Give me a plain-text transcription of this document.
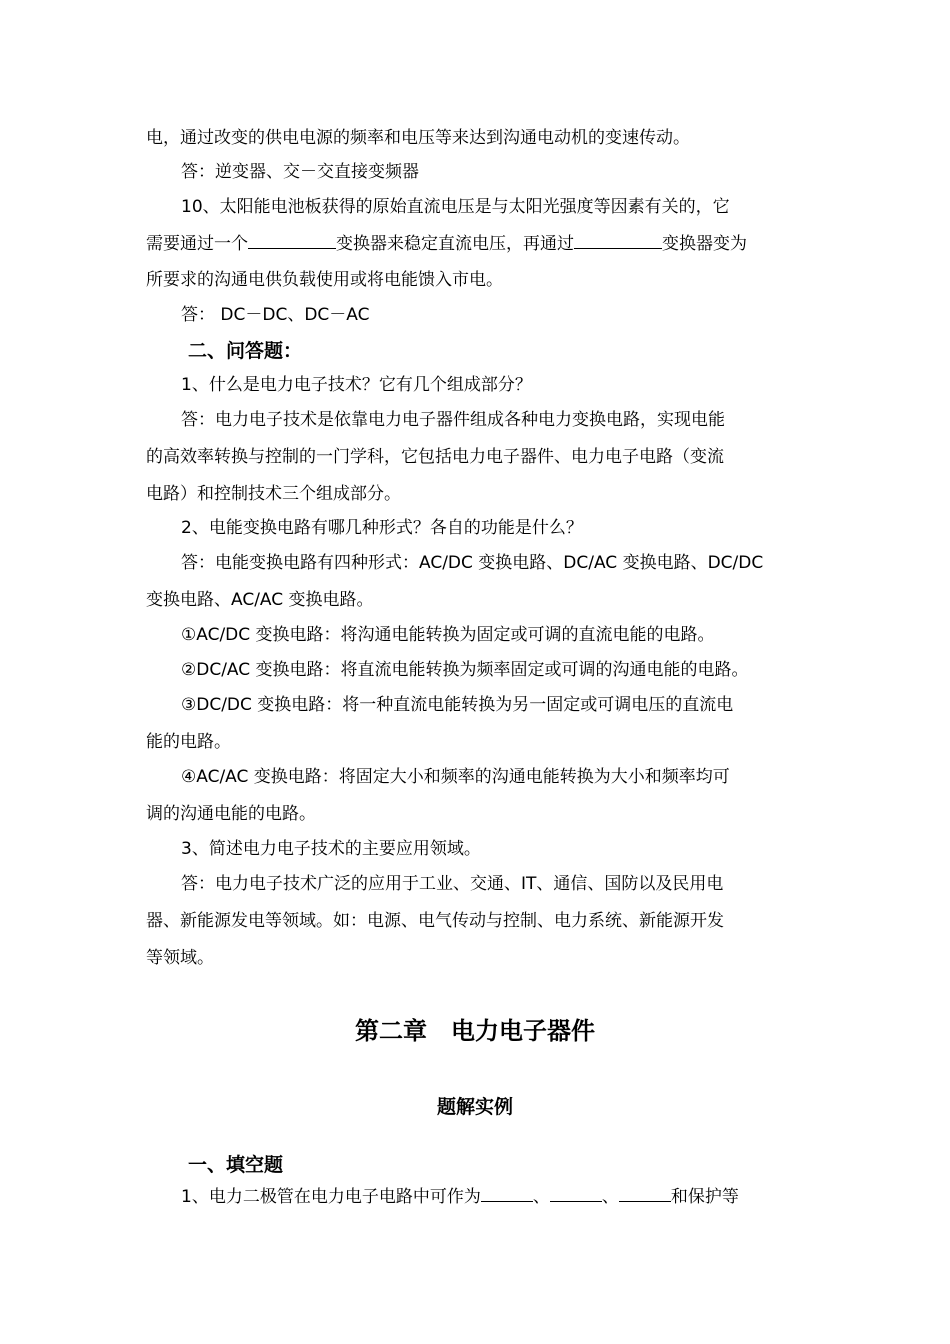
电，通过改变的供电电源的频率和电压等来达到沟通电动机的变速传动。

答：逆变器、交－交直接变频器

10、太阳能电池板获得的原始直流电压是与太阳光强度等因素有关的，它

需要通过一个	变换器来稳定直流电压，再通过	变换器变为

所要求的沟通电供负载使用或将电能馈入市电。

答： DC－DC、DC－AC

二、问答题：

1、什么是电力电子技术？它有几个组成部分？

答：电力电子技术是依靠电力电子器件组成各种电力变换电路，实现电能

的高效率转换与控制的一门学科，它包括电力电子器件、电力电子电路（变流

电路）和控制技术三个组成部分。

2、电能变换电路有哪几种形式？各自的功能是什么？

答：电能变换电路有四种形式：AC/DC 变换电路、DC/AC 变换电路、DC/DC

变换电路、AC/AC 变换电路。

①AC/DC 变换电路：将沟通电能转换为固定或可调的直流电能的电路。

②DC/AC 变换电路：将直流电能转换为频率固定或可调的沟通电能的电路。

③DC/DC 变换电路：将一种直流电能转换为另一固定或可调电压的直流电

能的电路。

④AC/AC 变换电路：将固定大小和频率的沟通电能转换为大小和频率均可

调的沟通电能的电路。

3、简述电力电子技术的主要应用领域。

答：电力电子技术广泛的应用于工业、交通、IT、通信、国防以及民用电

器、新能源发电等领域。如：电源、电气传动与控制、电力系统、新能源开发

等领域。

第二章　电力电子器件

题解实例

一、填空题

1、电力二极管在电力电子电路中可作为	、	、	和保护等
